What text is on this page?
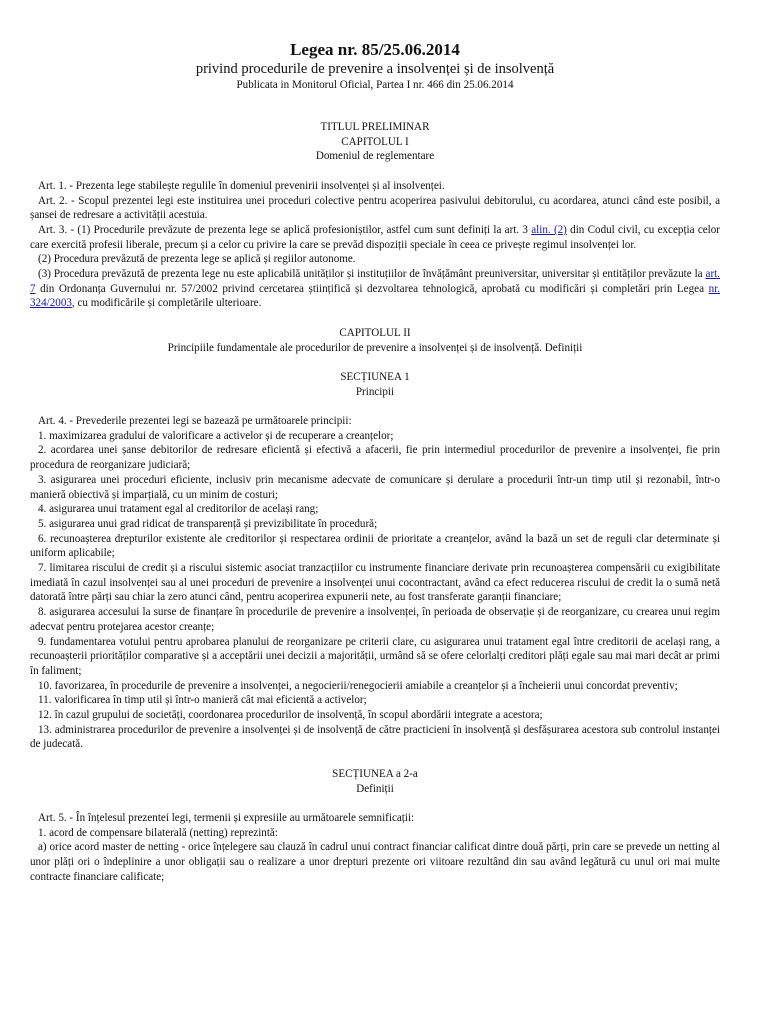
Legea nr. 85/25.06.2014
privind procedurile de prevenire a insolvenței și de insolvență
Publicata in Monitorul Oficial, Partea I nr. 466 din 25.06.2014
TITLUL PRELIMINAR
CAPITOLUL I
Domeniul de reglementare

Art. 1. - Prezenta lege stabilește regulile în domeniul prevenirii insolvenței și al insolvenței.

Art. 2. - Scopul prezentei legi este instituirea unei proceduri colective pentru acoperirea pasivului debitorului, cu acordarea, atunci când este posibil, a șansei de redresare a activității acestuia.

Art. 3. - (1) Procedurile prevăzute de prezenta lege se aplică profesioniștilor, astfel cum sunt definiți la art. 3 alin. (2) din Codul civil, cu excepția celor care exercită profesii liberale, precum și a celor cu privire la care se prevăd dispoziții speciale în ceea ce privește regimul insolvenței lor.

(2) Procedura prevăzută de prezenta lege se aplică și regiilor autonome.

(3) Procedura prevăzută de prezenta lege nu este aplicabilă unităților și instituțiilor de învățământ preuniversitar, universitar și entităților prevăzute la art. 7 din Ordonanța Guvernului nr. 57/2002 privind cercetarea științifică și dezvoltarea tehnologică, aprobată cu modificări și completări prin Legea nr. 324/2003, cu modificările și completările ulterioare.

CAPITOLUL II
Principiile fundamentale ale procedurilor de prevenire a insolvenței și de insolvență. Definiții
SECȚIUNEA 1
Principii

Art. 4. - Prevederile prezentei legi se bazează pe următoarele principii:

1. maximizarea gradului de valorificare a activelor și de recuperare a creanțelor;

2. acordarea unei șanse debitorilor de redresare eficientă și efectivă a afacerii, fie prin intermediul procedurilor de prevenire a insolvenței, fie prin procedura de reorganizare judiciară;

3. asigurarea unei proceduri eficiente, inclusiv prin mecanisme adecvate de comunicare și derulare a procedurii într-un timp util și rezonabil, într-o manieră obiectivă și imparțială, cu un minim de costuri;

4. asigurarea unui tratament egal al creditorilor de același rang;

5. asigurarea unui grad ridicat de transparență și previzibilitate în procedură;

6. recunoașterea drepturilor existente ale creditorilor și respectarea ordinii de prioritate a creanțelor, având la bază un set de reguli clar determinate și uniform aplicabile;

7. limitarea riscului de credit și a riscului sistemic asociat tranzacțiilor cu instrumente financiare derivate prin recunoașterea compensării cu exigibilitate imediată în cazul insolvenței sau al unei proceduri de prevenire a insolvenței unui cocontractant, având ca efect reducerea riscului de credit la o sumă netă datorată între părți sau chiar la zero atunci când, pentru acoperirea expunerii nete, au fost transferate garanții financiare;

8. asigurarea accesului la surse de finanțare în procedurile de prevenire a insolvenței, în perioada de observație și de reorganizare, cu crearea unui regim adecvat pentru protejarea acestor creanțe;

9. fundamentarea votului pentru aprobarea planului de reorganizare pe criterii clare, cu asigurarea unui tratament egal între creditorii de același rang, a recunoașterii priorităților comparative și a acceptării unei decizii a majorității, urmând să se ofere celorlalți creditori plăți egale sau mai mari decât ar primi în faliment;

10. favorizarea, în procedurile de prevenire a insolvenței, a negocierii/renegocierii amiabile a creanțelor și a încheierii unui concordat preventiv;

11. valorificarea în timp util și într-o manieră cât mai eficientă a activelor;

12. în cazul grupului de societăți, coordonarea procedurilor de insolvență, în scopul abordării integrate a acestora;

13. administrarea procedurilor de prevenire a insolvenței și de insolvență de către practicieni în insolvență și desfășurarea acestora sub controlul instanței de judecată.

SECȚIUNEA a 2-a
Definiții

Art. 5. - În înțelesul prezentei legi, termenii și expresiile au următoarele semnificații:

1. acord de compensare bilaterală (netting) reprezintă:

a) orice acord master de netting - orice înțelegere sau clauză în cadrul unui contract financiar calificat dintre două părți, prin care se prevede un netting al unor plăți ori o îndeplinire a unor obligații sau o realizare a unor drepturi prezente ori viitoare rezultând din sau având legătură cu unul ori mai multe contracte financiare calificate;
